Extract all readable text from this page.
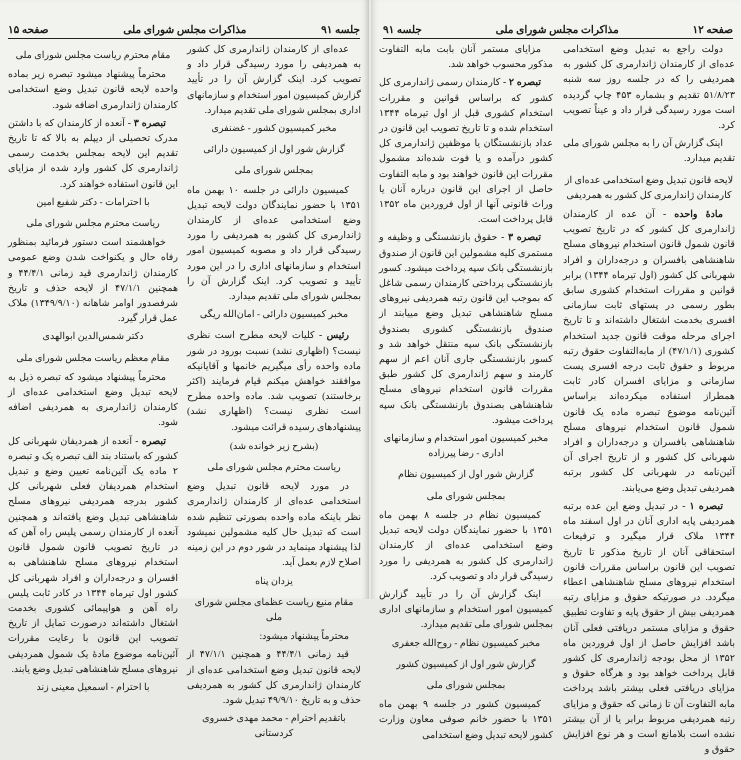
صفحه ۱۵	مذاکرات مجلس شورای ملی	جلسه ۹۱
عده‌ای از کارمندان ژاندارمری کل کشور به همردیفی را مورد رسیدگی قرار داد و تصویب کرد. اینک گزارش آن را در تأیید گزارش کمیسیون امور استخدام و سازمانهای اداری بمجلس شورای ملی تقدیم میدارد.
مخبر کمیسیون کشور - غضنفری
گزارش شور اول از کمیسیون دارائی
بمجلس شورای ملی
کمیسیون دارائی در جلسه ۱۰ بهمن ماه ۱۳۵۱ با حضور نمایندگان دولت لایحه تبدیل وضع استخدامی عده‌ای از کارمندان ژاندارمری کل کشور به همردیفی را مورد رسیدگی قرار داد و مصوبه کمیسیون امور استخدام و سازمانهای اداری را در این مورد تأیید و تصویب کرد. اینک گزارش آن را بمجلس شورای ملی تقدیم میدارد.
مخبر کمیسیون دارائی - امان‌الله ریگی
رئیس - کلیات لایحه مطرح است نظری نیست؟ (اظهاری نشد) نسبت بورود در شور ماده واحده رأی میگیریم خانمها و آقایانیکه موافقند خواهش میکنم قیام فرمایند (اکثر برخاستند) تصویب شد. ماده واحده مطرح است نظری نیست؟ (اظهاری نشد) پیشنهادهای رسیده قرائت میشود.
(بشرح زیر خوانده شد)
ریاست محترم مجلس شورای ملی
در مورد لایحه قانون تبدیل وضع استخدامی عده‌ای از کارمندان ژاندارمری نظر باینکه ماده واحده بصورتی تنظیم شده است که تبدیل حال کلیه مشمولین نمیشود لذا پیشنهاد مینماید در شور دوم در این زمینه اصلاح لازم بعمل آید.
یزدان پناه
مقام منیع ریاست عظمای مجلس شورای ملی
محترماً پیشنهاد میشود:
قید زمانی ۴۴/۴/۱ و همچنین ۴۷/۱/۱ از لایحه قانون تبدیل وضع استخدامی عده‌ای از کارمندان ژاندارمری کل کشور به همردیفی حذف و به تاریخ ۴۹/۹/۱۰ تبدیل شود.
باتقدیم احترام - محمد مهدی خسروی کردستانی
مقام محترم ریاست مجلس شورای ملی
محترماً پیشنهاد میشود تبصره زیر بماده واحده لایحه قانون تبدیل وضع استخدامی کارمندان ژاندارمری اضافه شود.
تبصره ۳ - آنعده از کارمندان که با داشتن مدرک تحصیلی از دیپلم به بالا که تا تاریخ تقدیم این لایحه بمجلس بخدمت رسمی ژاندارمری کل کشور وارد شده از مزایای این قانون استفاده خواهند کرد.
با احترامات - دکتر شفیع امین
ریاست محترم مجلس شورای ملی
خواهشمند است دستور فرمائید بمنظور رفاه حال و یکنواخت شدن وضع عمومی کارمندان ژاندارمری قید زمانی ۴۴/۴/۱ و همچنین ۴۷/۱/۱ از لایحه حذف و تاریخ شرفصدور اوامر شاهانه (۱۳۴۹/۹/۱۰) ملاک عمل قرار گیرد.
دکتر شمس‌الدین ابوالهدی
مقام معظم ریاست مجلس شورای ملی
محترماً پیشنهاد میشود که تبصره ذیل به لایحه تبدیل وضع استخدامی عده‌ای از کارمندان ژاندارمری به همردیفی اضافه شود.
تبصره - آنعده از همردیفان شهربانی کل کشور که باستناد بند الف تبصره یک و تبصره ۲ ماده یک آئین‌نامه تعیین وضع و تبدیل استخدام همردیفان فعلی شهربانی کل کشور بدرجه همردیفی نیروهای مسلح شاهنشاهی تبدیل وضع یافته‌اند و همچنین آنعده از کارمندان رسمی پلیس راه آهن که در تاریخ تصویب قانون شمول قانون استخدام نیروهای مسلح شاهنشاهی به افسران و درجه‌داران و افراد شهربانی کل کشور اول تیرماه ۱۳۴۴ در کادر ثابت پلیس راه آهن و هواپیمائی کشوری بخدمت اشتغال داشته‌اند درصورت تمایل از تاریخ تصویب این قانون با رعایت مقررات آئین‌نامه موضوع مادهٔ یک شمول همردیفی نیروهای مسلح شاهنشاهی تبدیل وضع یابند.
با احترام - اسمعیل معینی زند
جلسه ۹۱	مذاکرات مجلس شورای ملی	صفحه ۱۲
دولت راجع به تبدیل وضع استخدامی عده‌ای از کارمندان ژاندارمری کل کشور به همردیفی را که در جلسه روز سه شنبه ۵۱/۸/۲۳ تقدیم و بشماره ۴۵۳ چاپ گردیده است مورد رسیدگی قرار داد و عیناً تصویب کرد.
اینک گزارش آن را به مجلس شورای ملی تقدیم میدارد.
لایحه قانون تبدیل وضع استخدامی عده‌ای از کارمندان ژاندارمری کل کشور به همردیفی
مادهٔ واحده - آن عده از کارمندان ژاندارمری کل کشور که در تاریخ تصویب قانون شمول قانون استخدام نیروهای مسلح شاهنشاهی بافسران و درجه‌داران و افراد شهربانی کل کشور (اول تیرماه ۱۳۴۴) برابر قوانین و مقررات استخدام کشوری سابق بطور رسمی در پستهای ثابت سازمانی افسری بخدمت اشتغال داشته‌اند و تا تاریخ اجرای مرحله موقت قانون جدید استخدام کشوری (۴۷/۱/۱) از مابه‌التفاوت حقوق رتبه مربوط و حقوق ثابت درجه افسری پست سازمانی و مزایای افسران کادر ثابت همطراز استفاده میکرده‌اند براساس آئین‌نامه موضوع تبصره ماده یک قانون شمول قانون استخدام نیروهای مسلح شاهنشاهی بافسران و درجه‌داران و افراد شهربانی کل کشور و از تاریخ اجرای آن آئین‌نامه در شهربانی کل کشور برتبه همردیفی تبدیل وضع می‌یابند.
تبصره ۱ - در تبدیل وضع این عده برتبه همردیفی پایه اداری آنان در اول اسفند ماه ۱۳۴۴ ملاک قرار میگیرد و ترفیعات استحقاقی آنان از تاریخ مذکور تا تاریخ تصویب این قانون براساس مقررات قانون استخدام نیروهای مسلح شاهنشاهی اعطاء میگردد. در صورتیکه حقوق و مزایای رتبه همردیفی بیش از حقوق پایه و تفاوت تطبیق حقوق و مزایای مستمر دریافتی فعلی آنان باشد افزایش حاصل از اول فروردین ماه ۱۳۵۲ از محل بودجه ژاندارمری کل کشور قابل پرداخت خواهد بود و هرگاه حقوق و مزایای دریافتی فعلی بیشتر باشد پرداخت مابه التفاوت آن تا زمانی که حقوق و مزایای رتبه همردیفی مربوط برابر یا از آن بیشتر نشده است بلامانع است و هر نوع افزایش حقوق و
مزایای مستمر آنان بابت مابه التفاوت مذکور محسوب خواهد شد.
تبصره ۲ - کارمندان رسمی ژاندارمری کل کشور که براساس قوانین و مقررات استخدام کشوری قبل از اول تیرماه ۱۳۴۴ استخدام شده و تا تاریخ تصویب این قانون در عداد بازنشستگان یا موظفین ژاندارمری کل کشور درآمده و یا فوت شده‌اند مشمول مقررات این قانون خواهند بود و مابه التفاوت حاصل از اجرای این قانون درباره آنان یا وراث قانونی آنها از اول فروردین ماه ۱۳۵۲ قابل پرداخت است.
تبصره ۳ - حقوق بازنشستگی و وظیفه و مستمری کلیه مشمولین این قانون از صندوق بازنشستگی بانک سپه پرداخت میشود. کسور بازنشستگی پرداختی کارمندان رسمی شاغل که بموجب این قانون رتبه همردیفی نیروهای مسلح شاهنشاهی تبدیل وضع مییابند از صندوق بازنشستگی کشوری بصندوق بازنشستگی بانک سپه منتقل خواهد شد و کسور بازنشستگی جاری آنان اعم از سهم کارمند و سهم ژاندارمری کل کشور طبق مقررات قانون استخدام نیروهای مسلح شاهنشاهی بصندوق بازنشستگی بانک سپه پرداخت میشود.
مخبر کمیسیون امور استخدام و سازمانهای اداری - رضا پیرزاده
گزارش شور اول از کمیسیون نظام
بمجلس شورای ملی
کمیسیون نظام در جلسه ۸ بهمن ماه ۱۳۵۱ با حضور نمایندگان دولت لایحه تبدیل وضع استخدامی عده‌ای از کارمندان ژاندارمری کل کشور به همردیفی را مورد رسیدگی قرار داد و تصویب کرد.
اینک گزارش آن را در تأیید گزارش کمیسیون امور استخدام و سازمانهای اداری بمجلس شورای ملی تقدیم میدارد.
مخبر کمیسیون نظام - روح‌الله جعفری
گزارش شور اول از کمیسیون کشور
بمجلس شورای ملی
کمیسیون کشور در جلسه ۹ بهمن ماه ۱۳۵۱ با حضور خانم صوفی معاون وزارت کشور لایحه تبدیل وضع استخدامی
